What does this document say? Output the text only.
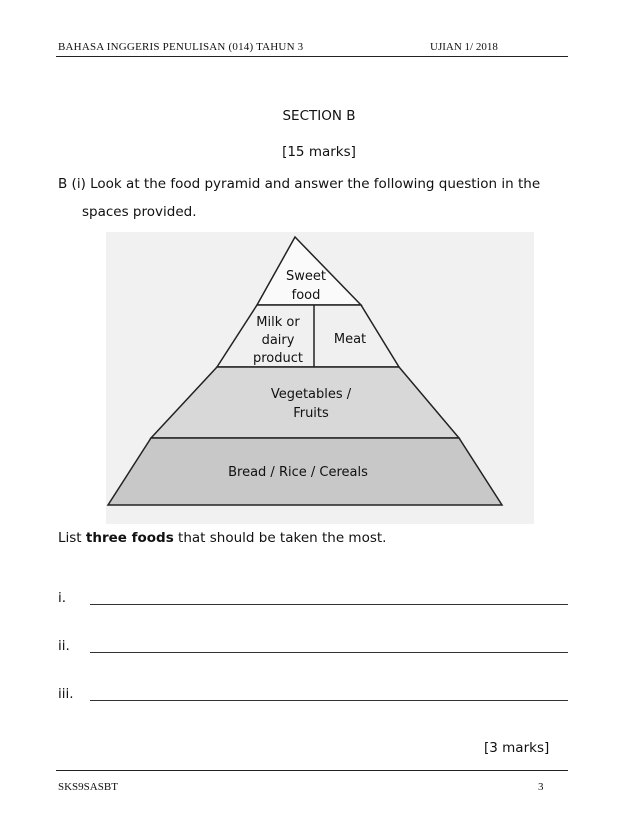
BAHASA INGGERIS PENULISAN (014) TAHUN 3	UJIAN 1/ 2018
SECTION B
[15 marks]
B (i) Look at the food pyramid and answer the following question in the
spaces provided.
Sweet
food
Milk or
dairy
product
Meat
Vegetables /
Fruits
Bread / Rice / Cereals
List three foods that should be taken the most.
i.
ii.
iii.
[3 marks]
SKS9SASBT	3
